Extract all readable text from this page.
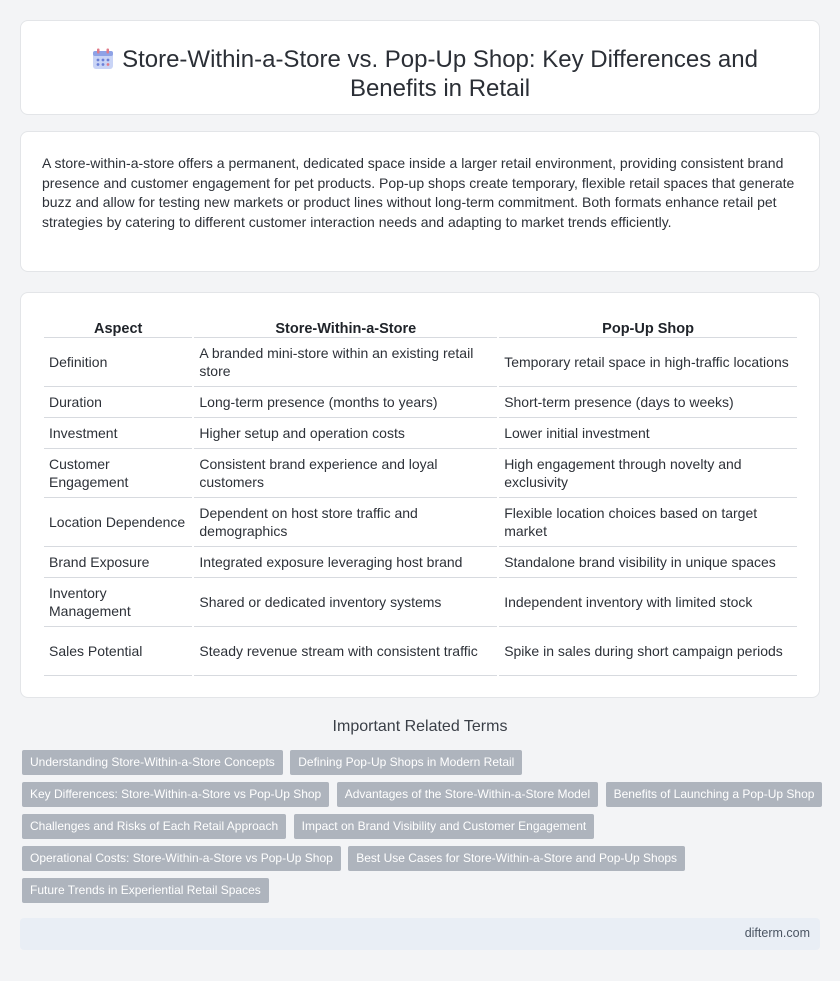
Store-Within-a-Store vs. Pop-Up Shop: Key Differences and Benefits in Retail

A store-within-a-store offers a permanent, dedicated space inside a larger retail environment, providing consistent brand presence and customer engagement for pet products. Pop-up shops create temporary, flexible retail spaces that generate buzz and allow for testing new markets or product lines without long-term commitment. Both formats enhance retail pet strategies by catering to different customer interaction needs and adapting to market trends efficiently.

Aspect	Store-Within-a-Store	Pop-Up Shop
Definition	A branded mini-store within an existing retail store	Temporary retail space in high-traffic locations
Duration	Long-term presence (months to years)	Short-term presence (days to weeks)
Investment	Higher setup and operation costs	Lower initial investment
Customer Engagement	Consistent brand experience and loyal customers	High engagement through novelty and exclusivity
Location Dependence	Dependent on host store traffic and demographics	Flexible location choices based on target market
Brand Exposure	Integrated exposure leveraging host brand	Standalone brand visibility in unique spaces
Inventory Management	Shared or dedicated inventory systems	Independent inventory with limited stock
Sales Potential	Steady revenue stream with consistent traffic	Spike in sales during short campaign periods
Important Related Terms
Understanding Store-Within-a-Store Concepts Defining Pop-Up Shops in Modern Retail
Key Differences: Store-Within-a-Store vs Pop-Up Shop Advantages of the Store-Within-a-Store Model Benefits of Launching a Pop-Up Shop
Challenges and Risks of Each Retail Approach Impact on Brand Visibility and Customer Engagement
Operational Costs: Store-Within-a-Store vs Pop-Up Shop Best Use Cases for Store-Within-a-Store and Pop-Up Shops
Future Trends in Experiential Retail Spaces
difterm.com
